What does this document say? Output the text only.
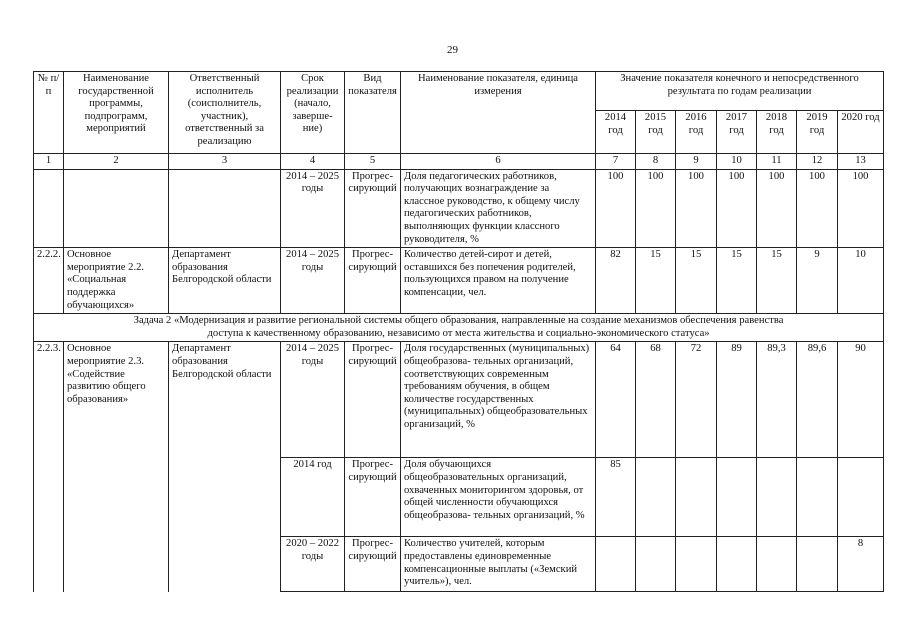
29
№ п/п	Наименование государственной программы, подпрограмм, мероприятий	Ответственный исполнитель (соисполнитель, участник), ответственный за реализацию	Срок реализации (начало, заверше- ние)	Вид показателя	Наименование показателя, единица измерения	Значение показателя конечного и непосредственного результата по годам реализации						
						2014 год	2015 год	2016 год	2017 год	2018 год	2019 год	2020 год
1	2	3	4	5	6	7	8	9	10	11	12	13
			2014 – 2025 годы	Прогрес- сирующий	Доля педагогических работников, получающих вознаграждение за классное руководство, к общему числу педагогических работников, выполняющих функции классного руководителя, %	100	100	100	100	100	100	100
2.2.2.	Основное мероприятие 2.2. «Социальная поддержка обучающихся»	Департамент образования Белгородской области	2014 – 2025 годы	Прогрес- сирующий	Количество детей-сирот и детей, оставшихся без попечения родителей, пользующихся правом на получение компенсации, чел.	82	15	15	15	15	9	10
Задача 2 «Модернизация и развитие региональной системы общего образования, направленные на создание механизмов обеспечения равенства доступа к качественному образованию, независимо от места жительства и социально-экономического статуса»												
2.2.3.	Основное мероприятие 2.3. «Содействие развитию общего образования»	Департамент образования Белгородской области	2014 – 2025 годы	Прогрес- сирующий	Доля государственных (муниципальных) общеобразова- тельных организаций, соответствующих современным требованиям обучения, в общем количестве государственных (муниципальных) общеобразовательных организаций, %	64	68	72	89	89,3	89,6	90
			2014 год	Прогрес- сирующий	Доля обучающихся общеобразовательных организаций, охваченных мониторингом здоровья, от общей численности обучающихся общеобразова- тельных организаций, %	85						
			2020 – 2022 годы	Прогрес- сирующий	Количество учителей, которым предоставлены единовременные компенсационные выплаты («Земский учитель»), чел.							8
